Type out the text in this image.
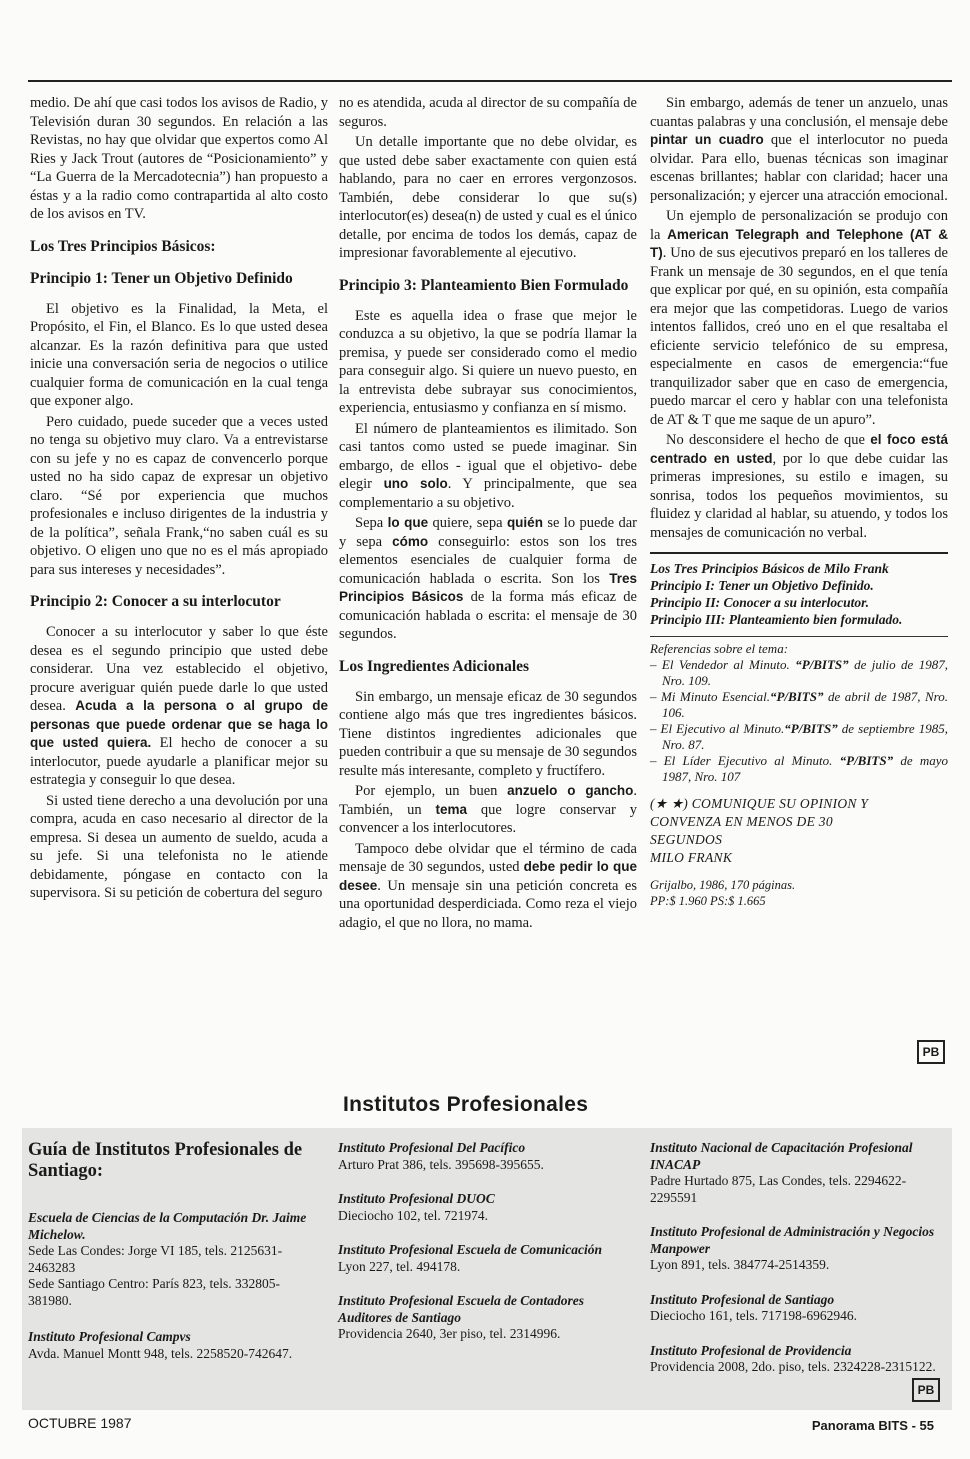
medio. De ahí que casi todos los avisos de Radio, y Televisión duran 30 segundos. En relación a las Revistas, no hay que olvidar que expertos como Al Ries y Jack Trout (autores de “Posicionamiento” y “La Guerra de la Mercadotecnia”) han propuesto a éstas y a la radio como contrapartida al alto costo de los avisos en TV.

Los Tres Principios Básicos:
Principio 1: Tener un Objetivo Definido

El objetivo es la Finalidad, la Meta, el Propósito, el Fin, el Blanco. Es lo que usted desea alcanzar. Es la razón definitiva para que usted inicie una conversación seria de negocios o utilice cualquier forma de comunicación en la cual tenga que exponer algo.

Pero cuidado, puede suceder que a veces usted no tenga su objetivo muy claro. Va a entrevistarse con su jefe y no es capaz de convencerlo porque usted no ha sido capaz de expresar un objetivo claro. “Sé por experiencia que muchos profesionales e incluso dirigentes de la industria y de la política”, señala Frank,“no saben cuál es su objetivo. O eligen uno que no es el más apropiado para sus intereses y necesidades”.

Principio 2: Conocer a su interlocutor

Conocer a su interlocutor y saber lo que éste desea es el segundo principio que usted debe considerar. Una vez establecido el objetivo, procure averiguar quién puede darle lo que usted desea. Acuda a la persona o al grupo de personas que puede ordenar que se haga lo que usted quiera. El hecho de conocer a su interlocutor, puede ayudarle a planificar mejor su estrategia y conseguir lo que desea.

Si usted tiene derecho a una devolución por una compra, acuda en caso necesario al director de la empresa. Si desea un aumento de sueldo, acuda a su jefe. Si una telefonista no le atiende debidamente, póngase en contacto con la supervisora. Si su petición de cobertura del seguro

no es atendida, acuda al director de su compañía de seguros.

Un detalle importante que no debe olvidar, es que usted debe saber exactamente con quien está hablando, para no caer en errores vergonzosos. También, debe considerar lo que su(s) interlocutor(es) desea(n) de usted y cual es el único detalle, por encima de todos los demás, capaz de impresionar favorablemente al ejecutivo.

Principio 3: Planteamiento Bien Formulado

Este es aquella idea o frase que mejor le conduzca a su objetivo, la que se podría llamar la premisa, y puede ser considerado como el medio para conseguir algo. Si quiere un nuevo puesto, en la entrevista debe subrayar sus conocimientos, experiencia, entusiasmo y confianza en sí mismo.

El número de planteamientos es ilimitado. Son casi tantos como usted se puede imaginar. Sin embargo, de ellos - igual que el objetivo- debe elegir uno solo. Y principalmente, que sea complementario a su objetivo.

Sepa lo que quiere, sepa quién se lo puede dar y sepa cómo conseguirlo: estos son los tres elementos esenciales de cualquier forma de comunicación hablada o escrita. Son los Tres Principios Básicos de la forma más eficaz de comunicación hablada o escrita: el mensaje de 30 segundos.

Los Ingredientes Adicionales

Sin embargo, un mensaje eficaz de 30 segundos contiene algo más que tres ingredientes básicos. Tiene distintos ingredientes adicionales que pueden contribuir a que su mensaje de 30 segundos resulte más interesante, completo y fructífero.

Por ejemplo, un buen anzuelo o gancho. También, un tema que logre conservar y convencer a los interlocutores.

Tampoco debe olvidar que el término de cada mensaje de 30 segundos, usted debe pedir lo que desee. Un mensaje sin una petición concreta es una oportunidad desperdiciada. Como reza el viejo adagio, el que no llora, no mama.

Sin embargo, además de tener un anzuelo, unas cuantas palabras y una conclusión, el mensaje debe pintar un cuadro que el interlocutor no pueda olvidar. Para ello, buenas técnicas son imaginar escenas brillantes; hablar con claridad; hacer una personalización; y ejercer una atracción emocional.

Un ejemplo de personalización se produjo con la American Telegraph and Telephone (AT & T). Uno de sus ejecutivos preparó en los talleres de Frank un mensaje de 30 segundos, en el que tenía que explicar por qué, en su opinión, esta compañía era mejor que las competidoras. Luego de varios intentos fallidos, creó uno en el que resaltaba el eficiente servicio telefónico de su empresa, especialmente en casos de emergencia:“fue tranquilizador saber que en caso de emergencia, puedo marcar el cero y hablar con una telefonista de AT & T que me saque de un apuro”.

No desconsidere el hecho de que el foco está centrado en usted, por lo que debe cuidar las primeras impresiones, su estilo e imagen, su sonrisa, todos los pequeños movimientos, su fluidez y claridad al hablar, su atuendo, y todos los mensajes de comunicación no verbal.

Los Tres Principios Básicos de Milo Frank
Principio I: Tener un Objetivo Definido.
Principio II: Conocer a su interlocutor.
Principio III: Planteamiento bien formulado.
Referencias sobre el tema:
– El Vendedor al Minuto. “P/BITS” de julio de 1987, Nro. 109.
– Mi Minuto Esencial.“P/BITS” de abril de 1987, Nro. 106.
– El Ejecutivo al Minuto.“P/BITS” de septiembre 1985, Nro. 87.
– El Líder Ejecutivo al Minuto. “P/BITS” de mayo 1987, Nro. 107
(★ ★) COMUNIQUE SU OPINION Y
CONVENZA EN MENOS DE 30
SEGUNDOS
MILO FRANK
Grijalbo, 1986, 170 páginas.
PP:$ 1.960 PS:$ 1.665
PB
Institutos Profesionales
Guía de Institutos Profesionales de Santiago:
Escuela de Ciencias de la Computación Dr. Jaime Michelow.
Sede Las Condes: Jorge VI 185, tels. 2125631- 2463283
Sede Santiago Centro: París 823, tels. 332805-381980.
Instituto Profesional Campvs
Avda. Manuel Montt 948, tels. 2258520-742647.
Instituto Profesional Del Pacífico
Arturo Prat 386, tels. 395698-395655.
Instituto Profesional DUOC
Dieciocho 102, tel. 721974.
Instituto Profesional Escuela de Comunicación
Lyon 227, tel. 494178.
Instituto Profesional Escuela de Contadores Auditores de Santiago
Providencia 2640, 3er piso, tel. 2314996.
Instituto Nacional de Capacitación Profesional INACAP
Padre Hurtado 875, Las Condes, tels. 2294622-2295591
Instituto Profesional de Administración y Negocios Manpower
Lyon 891, tels. 384774-2514359.
Instituto Profesional de Santiago
Dieciocho 161, tels. 717198-6962946.
Instituto Profesional de Providencia
Providencia 2008, 2do. piso, tels. 2324228-2315122.
PB
OCTUBRE 1987	Panorama BITS - 55
